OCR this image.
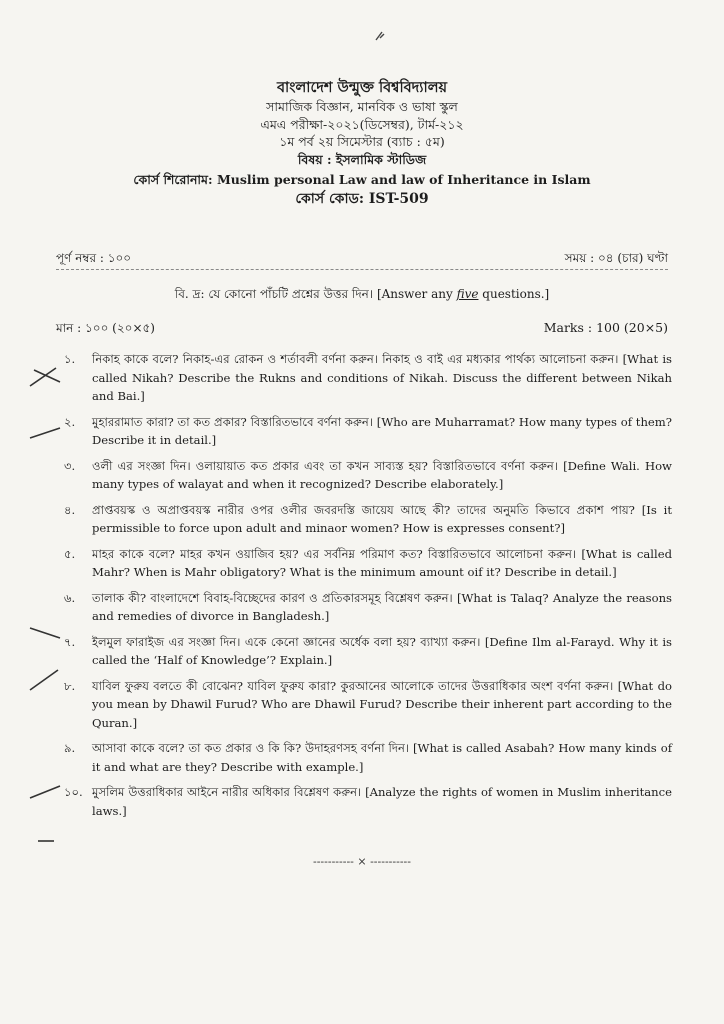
বাংলাদেশ উন্মুক্ত বিশ্ববিদ্যালয়
সামাজিক বিজ্ঞান, মানবিক ও ভাষা স্কুল
এমএ পরীক্ষা-২০২১(ডিসেম্বর), টার্ম-২১২
১ম পর্ব ২য় সিমেস্টার (ব্যাচ : ৫ম)
বিষয় : ইসলামিক স্টাডিজ
কোর্স শিরোনাম: Muslim personal Law and law of Inheritance in Islam
কোর্স কোড: IST-509
পূর্ণ নম্বর : ১০০	সময় : ০৪ (চার) ঘণ্টা
বি. দ্র: যে কোনো পাঁচটি প্রশ্নের উত্তর দিন। [Answer any five questions.]
মান : ১০০ (২০×৫)	Marks : 100 (20×5)
১. নিকাহ কাকে বলে? নিকাহ-এর রোকন ও শর্তাবলী বর্ণনা করুন। নিকাহ ও বাই এর মধ্যকার পার্থক্য আলোচনা করুন। [What is called Nikah? Describe the Rukns and conditions of Nikah. Discuss the different between Nikah and Bai.]
২. মুহাররামাত কারা? তা কত প্রকার? বিস্তারিতভাবে বর্ণনা করুন। [Who are Muharramat? How many types of them? Describe it in detail.]
৩. ওলী এর সংজ্ঞা দিন। ওলায়ায়াত কত প্রকার এবং তা কখন সাব্যস্ত হয়? বিস্তারিতভাবে বর্ণনা করুন। [Define Wali. How many types of walayat and when it recognized? Describe elaborately.]
৪. প্রাপ্তবয়স্ক ও অপ্রাপ্তবয়স্ক নারীর ওপর ওলীর জবরদস্তি জায়েয আছে কী? তাদের অনুমতি কিভাবে প্রকাশ পায়? [Is it permissible to force upon adult and minaor women? How is expresses consent?]
৫. মাহর কাকে বলে? মাহর কখন ওয়াজিব হয়? এর সর্বনিম্ন পরিমাণ কত? বিস্তারিতভাবে আলোচনা করুন। [What is called Mahr? When is Mahr obligatory? What is the minimum amount oif it? Describe in detail.]
৬. তালাক কী? বাংলাদেশে বিবাহ-বিচ্ছেদের কারণ ও প্রতিকারসমূহ বিশ্লেষণ করুন। [What is Talaq? Analyze the reasons and remedies of divorce in Bangladesh.]
৭. ইলমুল ফারাইজ এর সংজ্ঞা দিন। একে কেনো জ্ঞানের অর্ধেক বলা হয়? ব্যাখ্যা করুন। [Define Ilm al-Farayd. Why it is called the ‘Half of Knowledge’? Explain.]
৮. যাবিল ফুরুয বলতে কী বোঝেন? যাবিল ফুরুয কারা? কুরআনের আলোকে তাদের উত্তরাধিকার অংশ বর্ণনা করুন। [What do you mean by Dhawil Furud? Who are Dhawil Furud? Describe their inherent part according to the Quran.]
৯. আসাবা কাকে বলে? তা কত প্রকার ও কি কি? উদাহরণসহ বর্ণনা দিন। [What is called Asabah? How many kinds of it and what are they? Describe with example.]
১০. মুসলিম উত্তরাধিকার আইনে নারীর অধিকার বিশ্লেষণ করুন। [Analyze the rights of women in Muslim inheritance laws.]
----------- × -----------
